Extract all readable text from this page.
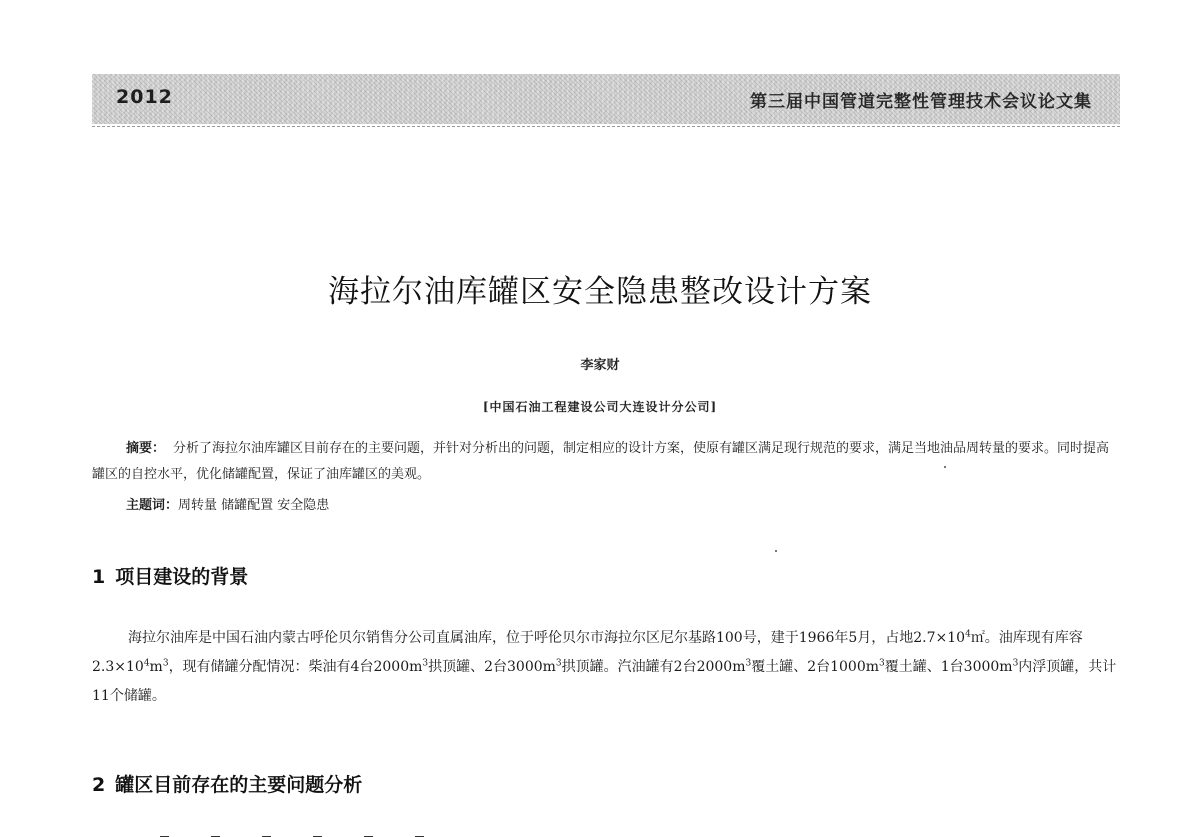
2012	第三届中国管道完整性管理技术会议论文集
海拉尔油库罐区安全隐患整改设计方案
李家财
[中国石油工程建设公司大连设计分公司]

摘要： 分析了海拉尔油库罐区目前存在的主要问题，并针对分析出的问题，制定相应的设计方案，使原有罐区满足现行规范的要求，满足当地油品周转量的要求。同时提高罐区的自控水平，优化储罐配置，保证了油库罐区的美观。

主题词：周转量 储罐配置 安全隐患
1 项目建设的背景

海拉尔油库是中国石油内蒙古呼伦贝尔销售分公司直属油库，位于呼伦贝尔市海拉尔区尼尔基路100号，建于1966年5月，占地$2.7\times 10^4㎡$。油库现有库容$2.3\times 10^4m^3$，现有储罐分配情况：柴油有4台$2000m^3$拱顶罐、2台$3000m^3$拱顶罐。汽油罐有2台$2000m^3$覆土罐、2台$1000m^3$覆土罐、1台$3000m^3$内浮顶罐，共计11个储罐。

2 罐区目前存在的主要问题分析
